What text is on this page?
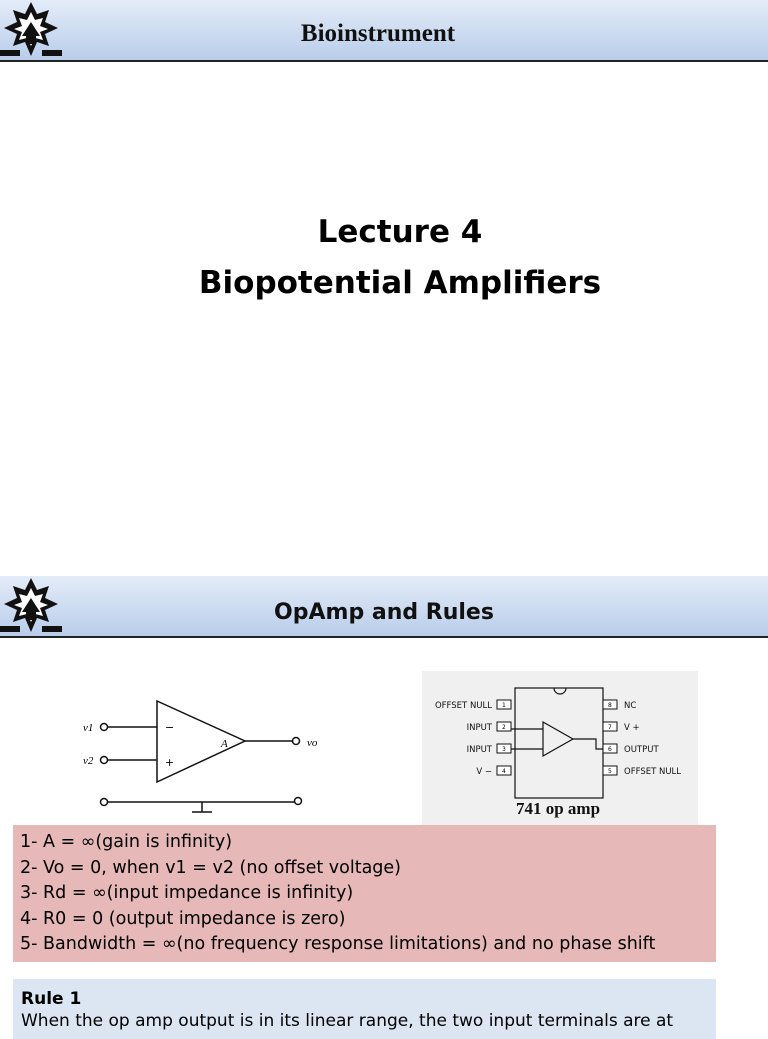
Bioinstrument
Lecture 4
Biopotential Amplifiers
OpAmp and Rules
v1
v2
vo
A
−
+
1
2
3
4
8
7
6
5
OFFSET NULL
INPUT
INPUT
V −
NC
V +
OUTPUT
OFFSET NULL
741 op amp
1- A = ∞(gain is infinity)
2- Vo = 0, when v1 = v2 (no offset voltage)
3- Rd = ∞(input impedance is infinity)
4- R0 = 0 (output impedance is zero)
5- Bandwidth = ∞(no frequency response limitations) and no phase shift
Rule 1
When the op amp output is in its linear range, the two input terminals are at
